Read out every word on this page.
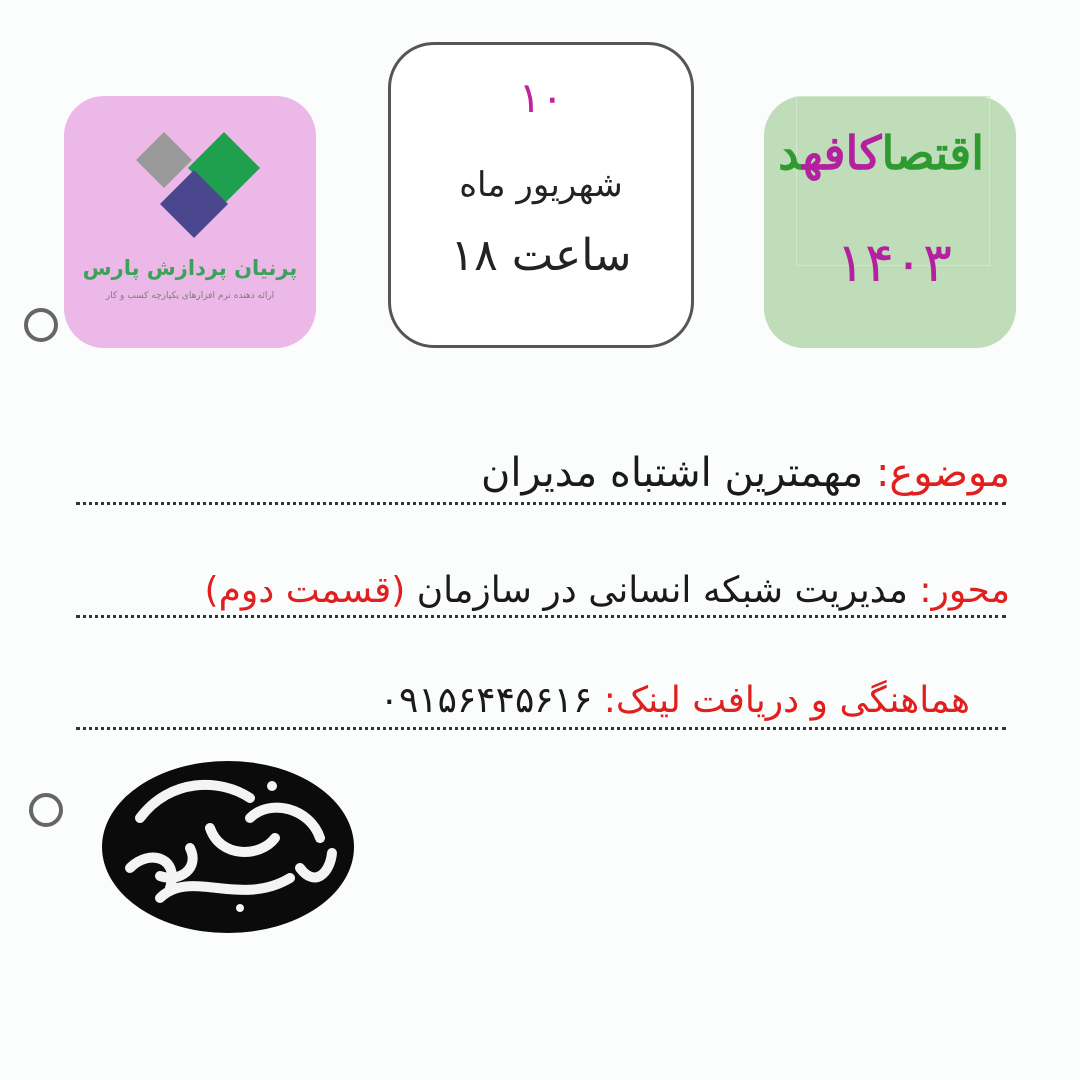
پرنیان پردازش پارس
ارائه دهنده نرم افزارهای یکپارچه کسب و کار
۱۰
شهریور ماه
ساعت ۱۸
اقتصاکافهد
۱۴۰۳
موضوع: مهمترین اشتباه مدیران
محور: مدیریت شبکه انسانی در سازمان (قسمت دوم)
هماهنگی و دریافت لینک: ۰۹۱۵۶۴۴۵۶۱۶
